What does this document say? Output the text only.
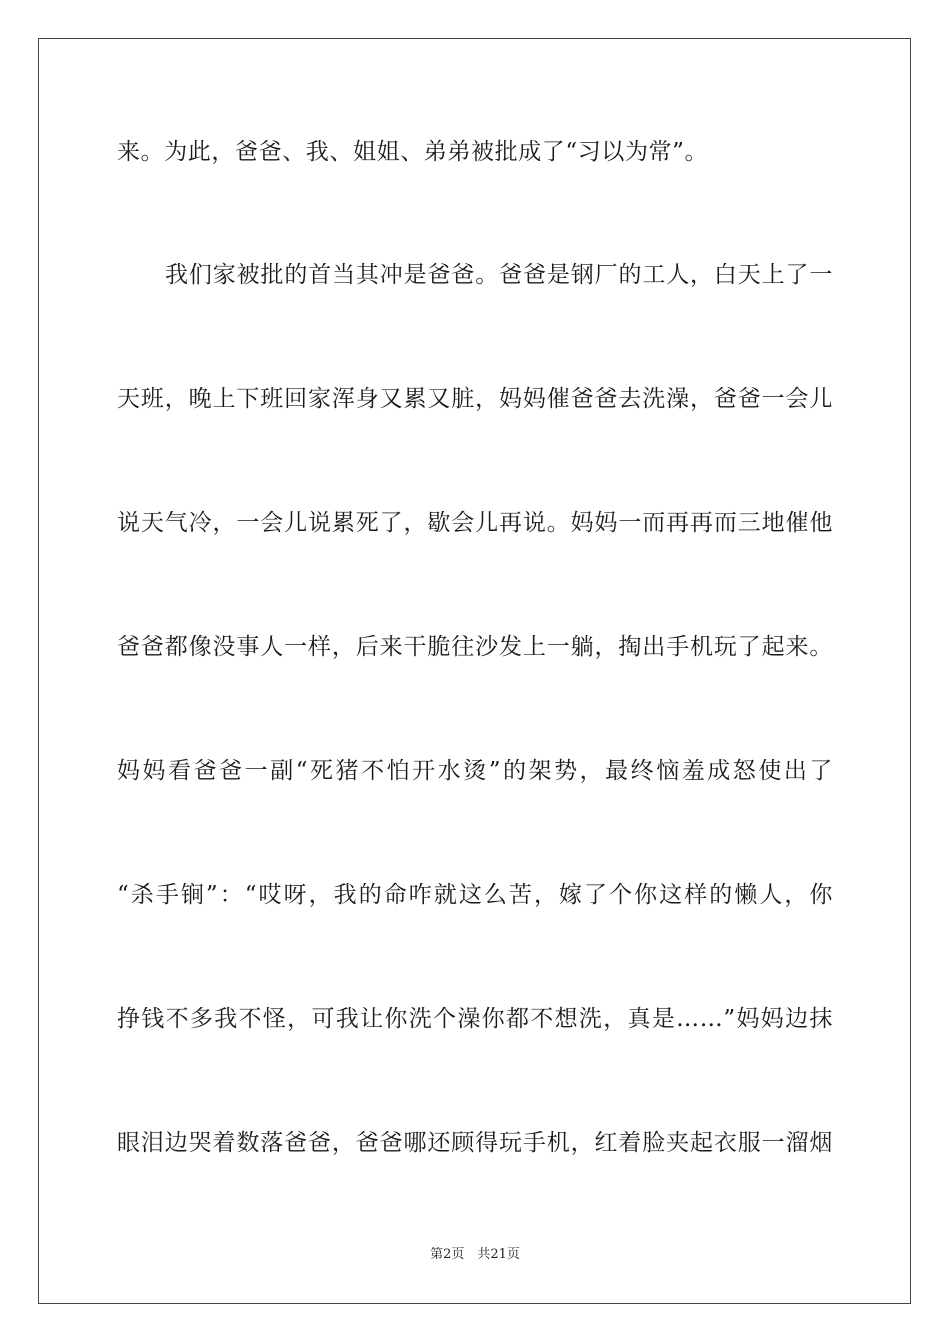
来。为此，爸爸、我、姐姐、弟弟被批成了“习以为常”。
我们家被批的首当其冲是爸爸。爸爸是钢厂的工人，白天上了一
天班，晚上下班回家浑身又累又脏，妈妈催爸爸去洗澡，爸爸一会儿
说天气冷，一会儿说累死了，歇会儿再说。妈妈一而再再而三地催他
爸爸都像没事人一样，后来干脆往沙发上一躺，掏出手机玩了起来。
妈妈看爸爸一副“死猪不怕开水烫”的架势，最终恼羞成怒使出了
“杀手锏”：“哎呀，我的命咋就这么苦，嫁了个你这样的懒人，你
挣钱不多我不怪，可我让你洗个澡你都不想洗，真是……”妈妈边抹
眼泪边哭着数落爸爸，爸爸哪还顾得玩手机，红着脸夹起衣服一溜烟
第2页　共21页
